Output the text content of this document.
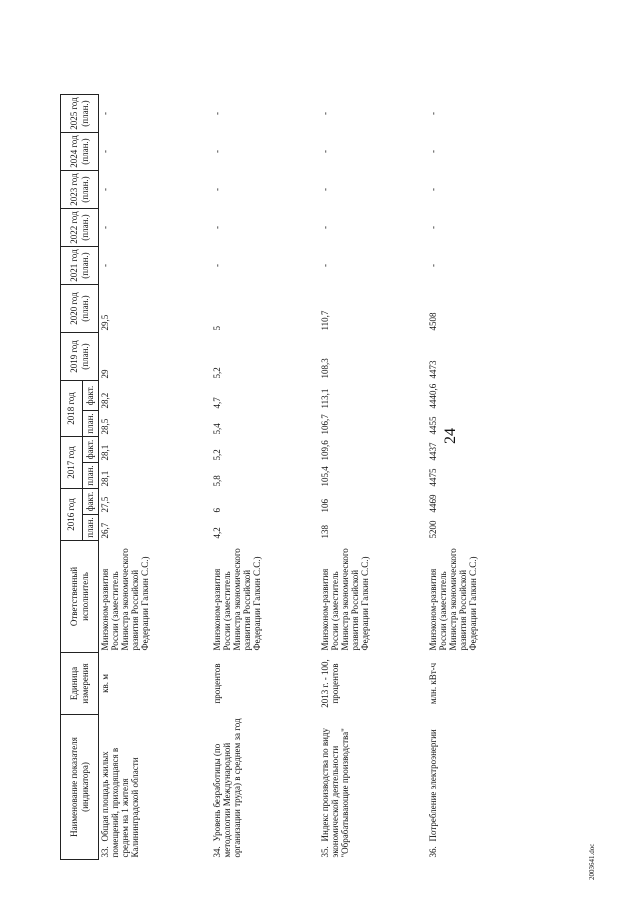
24
Наименование показателя (индикатора)	Единица измерения	Ответственный исполнитель	2016 год		2017 год		2018 год		2019 год (план.)	2020 год (план.)	2021 год (план.)	2022 год (план.)	2023 год (план.)	2024 год (план.)	2025 год (план.)
			план.	факт.	план.	факт.	план.	факт.							
33.Общая площадь жилых помещений, приходящаяся в среднем на 1 жителя Калининградской области	кв. м	Минэконом-развития России (заместитель Министра экономического развития Российской Федерации Галкин С.С.)	26,7	27,5	28,1	28,1	28,5	28,2	29	29,5	-	-	-	-	-
34.Уровень безработицы (по методологии Международной организации труда) в среднем за год	процентов	Минэконом-развития России (заместитель Министра экономического развития Российской Федерации Галкин С.С.)	4,2	6	5,8	5,2	5,4	4,7	5,2	5	-	-	-	-	-
35.Индекс производства по виду экономической деятельности "Обрабатывающие производства"	2013 г. - 100, процентов	Минэконом-развития России (заместитель Министра экономического развития Российской Федерации Галкин С.С.)	138	106	105,4	109,6	106,7	113,1	108,3	110,7	-	-	-	-	-
36.Потребление электроэнергии	млн. кВт-ч	Минэконом-развития России (заместитель Министра экономического развития Российской Федерации Галкин С.С.)	5200	4469	4475	4437	4455	4440,6	4473	4508	-	-	-	-	-
2003641.doc
